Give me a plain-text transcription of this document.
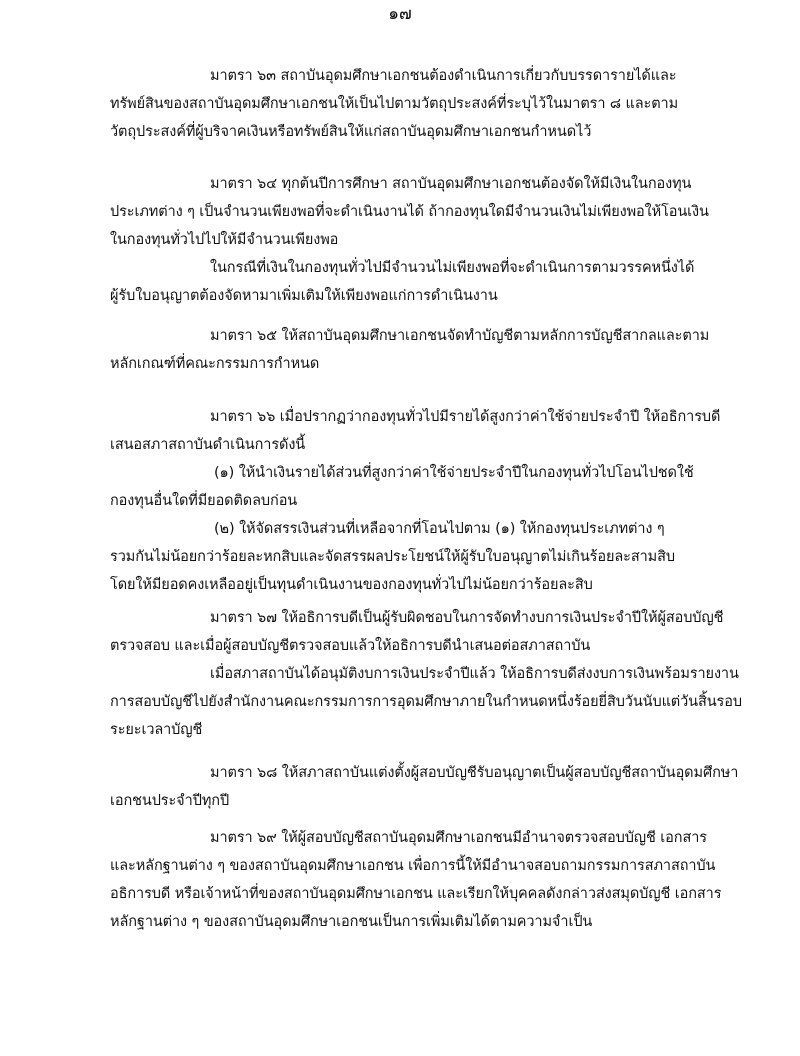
๑๗
มาตรา ๖๓ สถาบันอุดมศึกษาเอกชนต้องดำเนินการเกี่ยวกับบรรดารายได้และ
ทรัพย์สินของสถาบันอุดมศึกษาเอกชนให้เป็นไปตามวัตถุประสงค์ที่ระบุไว้ในมาตรา ๘ และตาม
วัตถุประสงค์ที่ผู้บริจาคเงินหรือทรัพย์สินให้แก่สถาบันอุดมศึกษาเอกชนกำหนดไว้
มาตรา ๖๔ ทุกต้นปีการศึกษา สถาบันอุดมศึกษาเอกชนต้องจัดให้มีเงินในกองทุน
ประเภทต่าง ๆ เป็นจำนวนเพียงพอที่จะดำเนินงานได้ ถ้ากองทุนใดมีจำนวนเงินไม่เพียงพอให้โอนเงิน
ในกองทุนทั่วไปไปให้มีจำนวนเพียงพอ
ในกรณีที่เงินในกองทุนทั่วไปมีจำนวนไม่เพียงพอที่จะดำเนินการตามวรรคหนึ่งได้
ผู้รับใบอนุญาตต้องจัดหามาเพิ่มเติมให้เพียงพอแก่การดำเนินงาน
มาตรา ๖๕ ให้สถาบันอุดมศึกษาเอกชนจัดทำบัญชีตามหลักการบัญชีสากลและตาม
หลักเกณฑ์ที่คณะกรรมการกำหนด
มาตรา ๖๖ เมื่อปรากฏว่ากองทุนทั่วไปมีรายได้สูงกว่าค่าใช้จ่ายประจำปี ให้อธิการบดี
เสนอสภาสถาบันดำเนินการดังนี้
(๑) ให้นำเงินรายได้ส่วนที่สูงกว่าค่าใช้จ่ายประจำปีในกองทุนทั่วไปโอนไปชดใช้
กองทุนอื่นใดที่มียอดติดลบก่อน
(๒) ให้จัดสรรเงินส่วนที่เหลือจากที่โอนไปตาม (๑) ให้กองทุนประเภทต่าง ๆ
รวมกันไม่น้อยกว่าร้อยละหกสิบและจัดสรรผลประโยชน์ให้ผู้รับใบอนุญาตไม่เกินร้อยละสามสิบ
โดยให้มียอดคงเหลืออยู่เป็นทุนดำเนินงานของกองทุนทั่วไปไม่น้อยกว่าร้อยละสิบ
มาตรา ๖๗ ให้อธิการบดีเป็นผู้รับผิดชอบในการจัดทำงบการเงินประจำปีให้ผู้สอบบัญชี
ตรวจสอบ และเมื่อผู้สอบบัญชีตรวจสอบแล้วให้อธิการบดีนำเสนอต่อสภาสถาบัน
เมื่อสภาสถาบันได้อนุมัติงบการเงินประจำปีแล้ว ให้อธิการบดีส่งงบการเงินพร้อมรายงาน
การสอบบัญชีไปยังสำนักงานคณะกรรมการการอุดมศึกษาภายในกำหนดหนึ่งร้อยยี่สิบวันนับแต่วันสิ้นรอบ
ระยะเวลาบัญชี
มาตรา ๖๘ ให้สภาสถาบันแต่งตั้งผู้สอบบัญชีรับอนุญาตเป็นผู้สอบบัญชีสถาบันอุดมศึกษา
เอกชนประจำปีทุกปี
มาตรา ๖๙ ให้ผู้สอบบัญชีสถาบันอุดมศึกษาเอกชนมีอำนาจตรวจสอบบัญชี เอกสาร
และหลักฐานต่าง ๆ ของสถาบันอุดมศึกษาเอกชน เพื่อการนี้ให้มีอำนาจสอบถามกรรมการสภาสถาบัน
อธิการบดี หรือเจ้าหน้าที่ของสถาบันอุดมศึกษาเอกชน และเรียกให้บุคคลดังกล่าวส่งสมุดบัญชี เอกสาร
หลักฐานต่าง ๆ ของสถาบันอุดมศึกษาเอกชนเป็นการเพิ่มเติมได้ตามความจำเป็น
